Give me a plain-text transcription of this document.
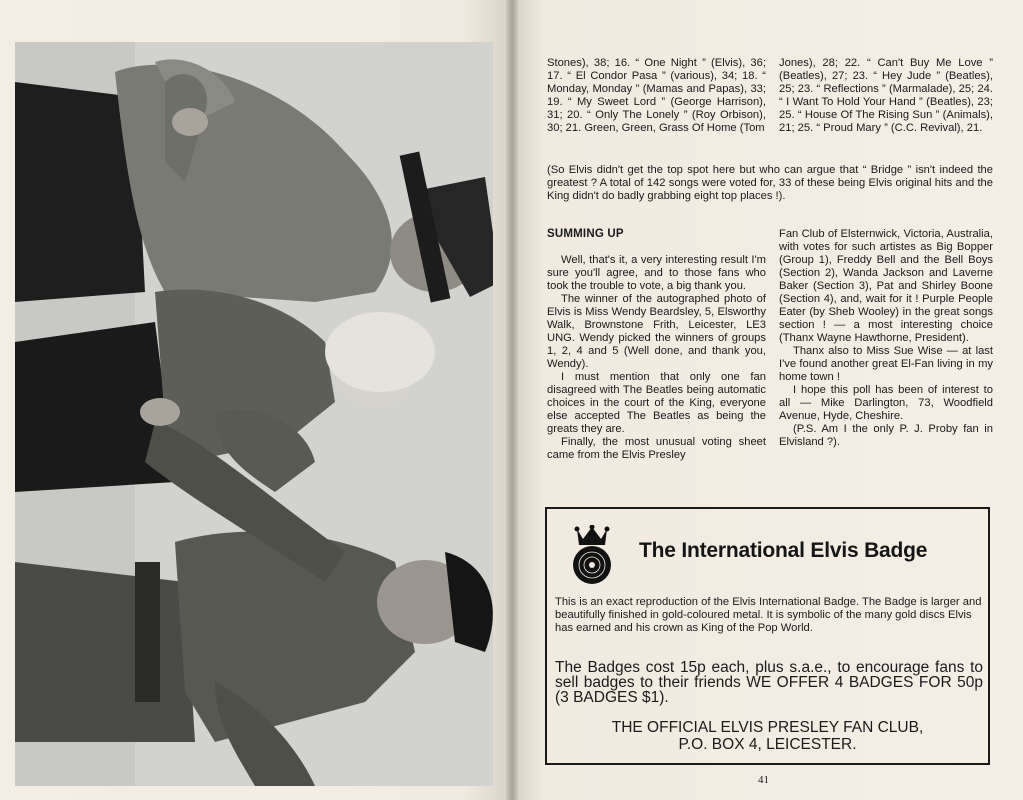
Stones), 38; 16. “ One Night ” (Elvis), 36; 17. “ El Condor Pasa ” (various), 34; 18. “ Monday, Monday ” (Mamas and Papas), 33; 19. “ My Sweet Lord ” (George Harrison), 31; 20. “ Only The Lonely ” (Roy Orbison), 30; 21. Green, Green, Grass Of Home (Tom

Jones), 28; 22. “ Can't Buy Me Love ” (Beatles), 27; 23. “ Hey Jude ” (Beatles), 25; 23. “ Reflections ” (Marmalade), 25; 24. “ I Want To Hold Your Hand ” (Beatles), 23; 25. “ House Of The Rising Sun ” (Animals), 21; 25. “ Proud Mary ” (C.C. Revival), 21.

(So Elvis didn't get the top spot here but who can argue that “ Bridge ” isn't indeed the greatest ? A total of 142 songs were voted for, 33 of these being Elvis original hits and the King didn't do badly grabbing eight top places !).

SUMMING UP

Well, that's it, a very interesting result I'm sure you'll agree, and to those fans who took the trouble to vote, a big thank you.

The winner of the autographed photo of Elvis is Miss Wendy Beardsley, 5, Elsworthy Walk, Brownstone Frith, Leicester, LE3 UNG. Wendy picked the winners of groups 1, 2, 4 and 5 (Well done, and thank you, Wendy).

I must mention that only one fan disagreed with The Beatles being automatic choices in the court of the King, everyone else accepted The Beatles as being the greats they are.

Finally, the most unusual voting sheet came from the Elvis Presley

Fan Club of Elsternwick, Victoria, Australia, with votes for such artistes as Big Bopper (Group 1), Freddy Bell and the Bell Boys (Section 2), Wanda Jackson and Laverne Baker (Section 3), Pat and Shirley Boone (Section 4), and, wait for it ! Purple People Eater (by Sheb Wooley) in the great songs section ! — a most interesting choice (Thanx Wayne Hawthorne, President).

Thanx also to Miss Sue Wise — at last I've found another great El-Fan living in my home town !

I hope this poll has been of interest to all — Mike Darlington, 73, Woodfield Avenue, Hyde, Cheshire.

(P.S. Am I the only P. J. Proby fan in Elvisland ?).

The International Elvis Badge
This is an exact reproduction of the Elvis International Badge. The Badge is larger and beautifully finished in gold-coloured metal. It is symbolic of the many gold discs Elvis has earned and his crown as King of the Pop World.
The Badges cost 15p each, plus s.a.e., to encourage fans to sell badges to their friends WE OFFER 4 BADGES FOR 50p (3 BADGES $1).
THE OFFICIAL ELVIS PRESLEY FAN CLUB,
P.O. BOX 4, LEICESTER.
41
